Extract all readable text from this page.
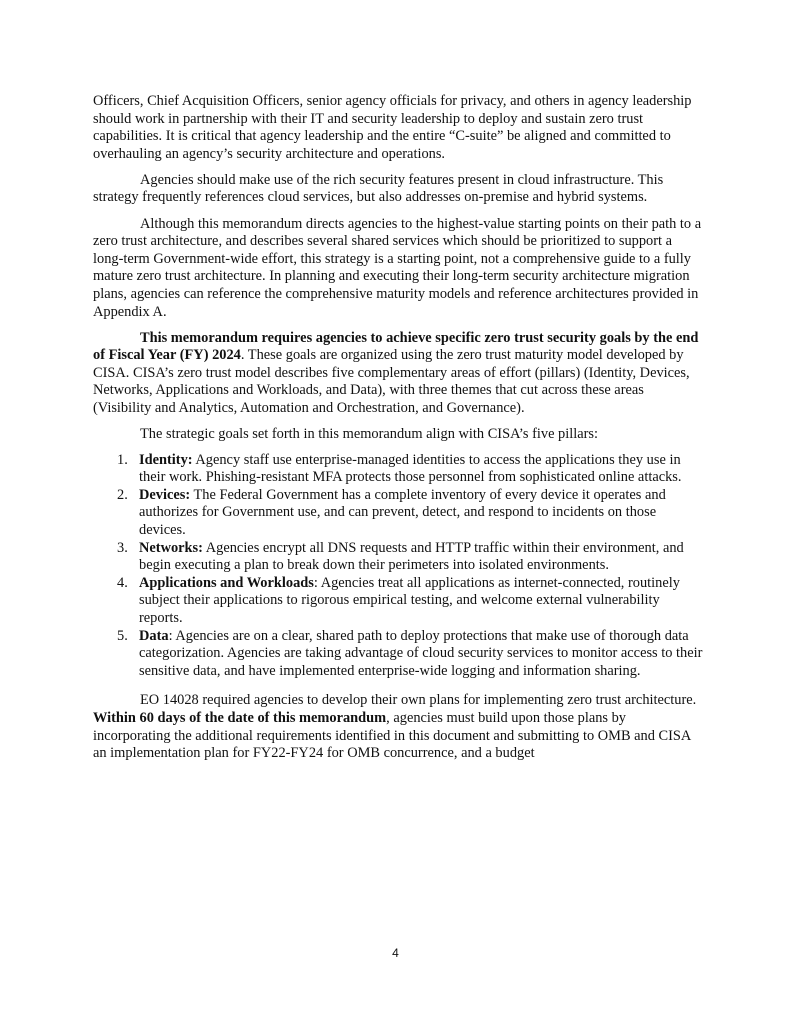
Officers, Chief Acquisition Officers, senior agency officials for privacy, and others in agency leadership should work in partnership with their IT and security leadership to deploy and sustain zero trust capabilities. It is critical that agency leadership and the entire “C-suite” be aligned and committed to overhauling an agency’s security architecture and operations.

Agencies should make use of the rich security features present in cloud infrastructure. This strategy frequently references cloud services, but also addresses on-premise and hybrid systems.

Although this memorandum directs agencies to the highest-value starting points on their path to a zero trust architecture, and describes several shared services which should be prioritized to support a long-term Government-wide effort, this strategy is a starting point, not a comprehensive guide to a fully mature zero trust architecture. In planning and executing their long-term security architecture migration plans, agencies can reference the comprehensive maturity models and reference architectures provided in Appendix A.

This memorandum requires agencies to achieve specific zero trust security goals by the end of Fiscal Year (FY) 2024. These goals are organized using the zero trust maturity model developed by CISA. CISA’s zero trust model describes five complementary areas of effort (pillars) (Identity, Devices, Networks, Applications and Workloads, and Data), with three themes that cut across these areas (Visibility and Analytics, Automation and Orchestration, and Governance).

The strategic goals set forth in this memorandum align with CISA’s five pillars:

1. Identity: Agency staff use enterprise-managed identities to access the applications they use in their work. Phishing-resistant MFA protects those personnel from sophisticated online attacks.
2. Devices: The Federal Government has a complete inventory of every device it operates and authorizes for Government use, and can prevent, detect, and respond to incidents on those devices.
3. Networks: Agencies encrypt all DNS requests and HTTP traffic within their environment, and begin executing a plan to break down their perimeters into isolated environments.
4. Applications and Workloads: Agencies treat all applications as internet-connected, routinely subject their applications to rigorous empirical testing, and welcome external vulnerability reports.
5. Data: Agencies are on a clear, shared path to deploy protections that make use of thorough data categorization. Agencies are taking advantage of cloud security services to monitor access to their sensitive data, and have implemented enterprise-wide logging and information sharing.

EO 14028 required agencies to develop their own plans for implementing zero trust architecture. Within 60 days of the date of this memorandum, agencies must build upon those plans by incorporating the additional requirements identified in this document and submitting to OMB and CISA an implementation plan for FY22-FY24 for OMB concurrence, and a budget

4
